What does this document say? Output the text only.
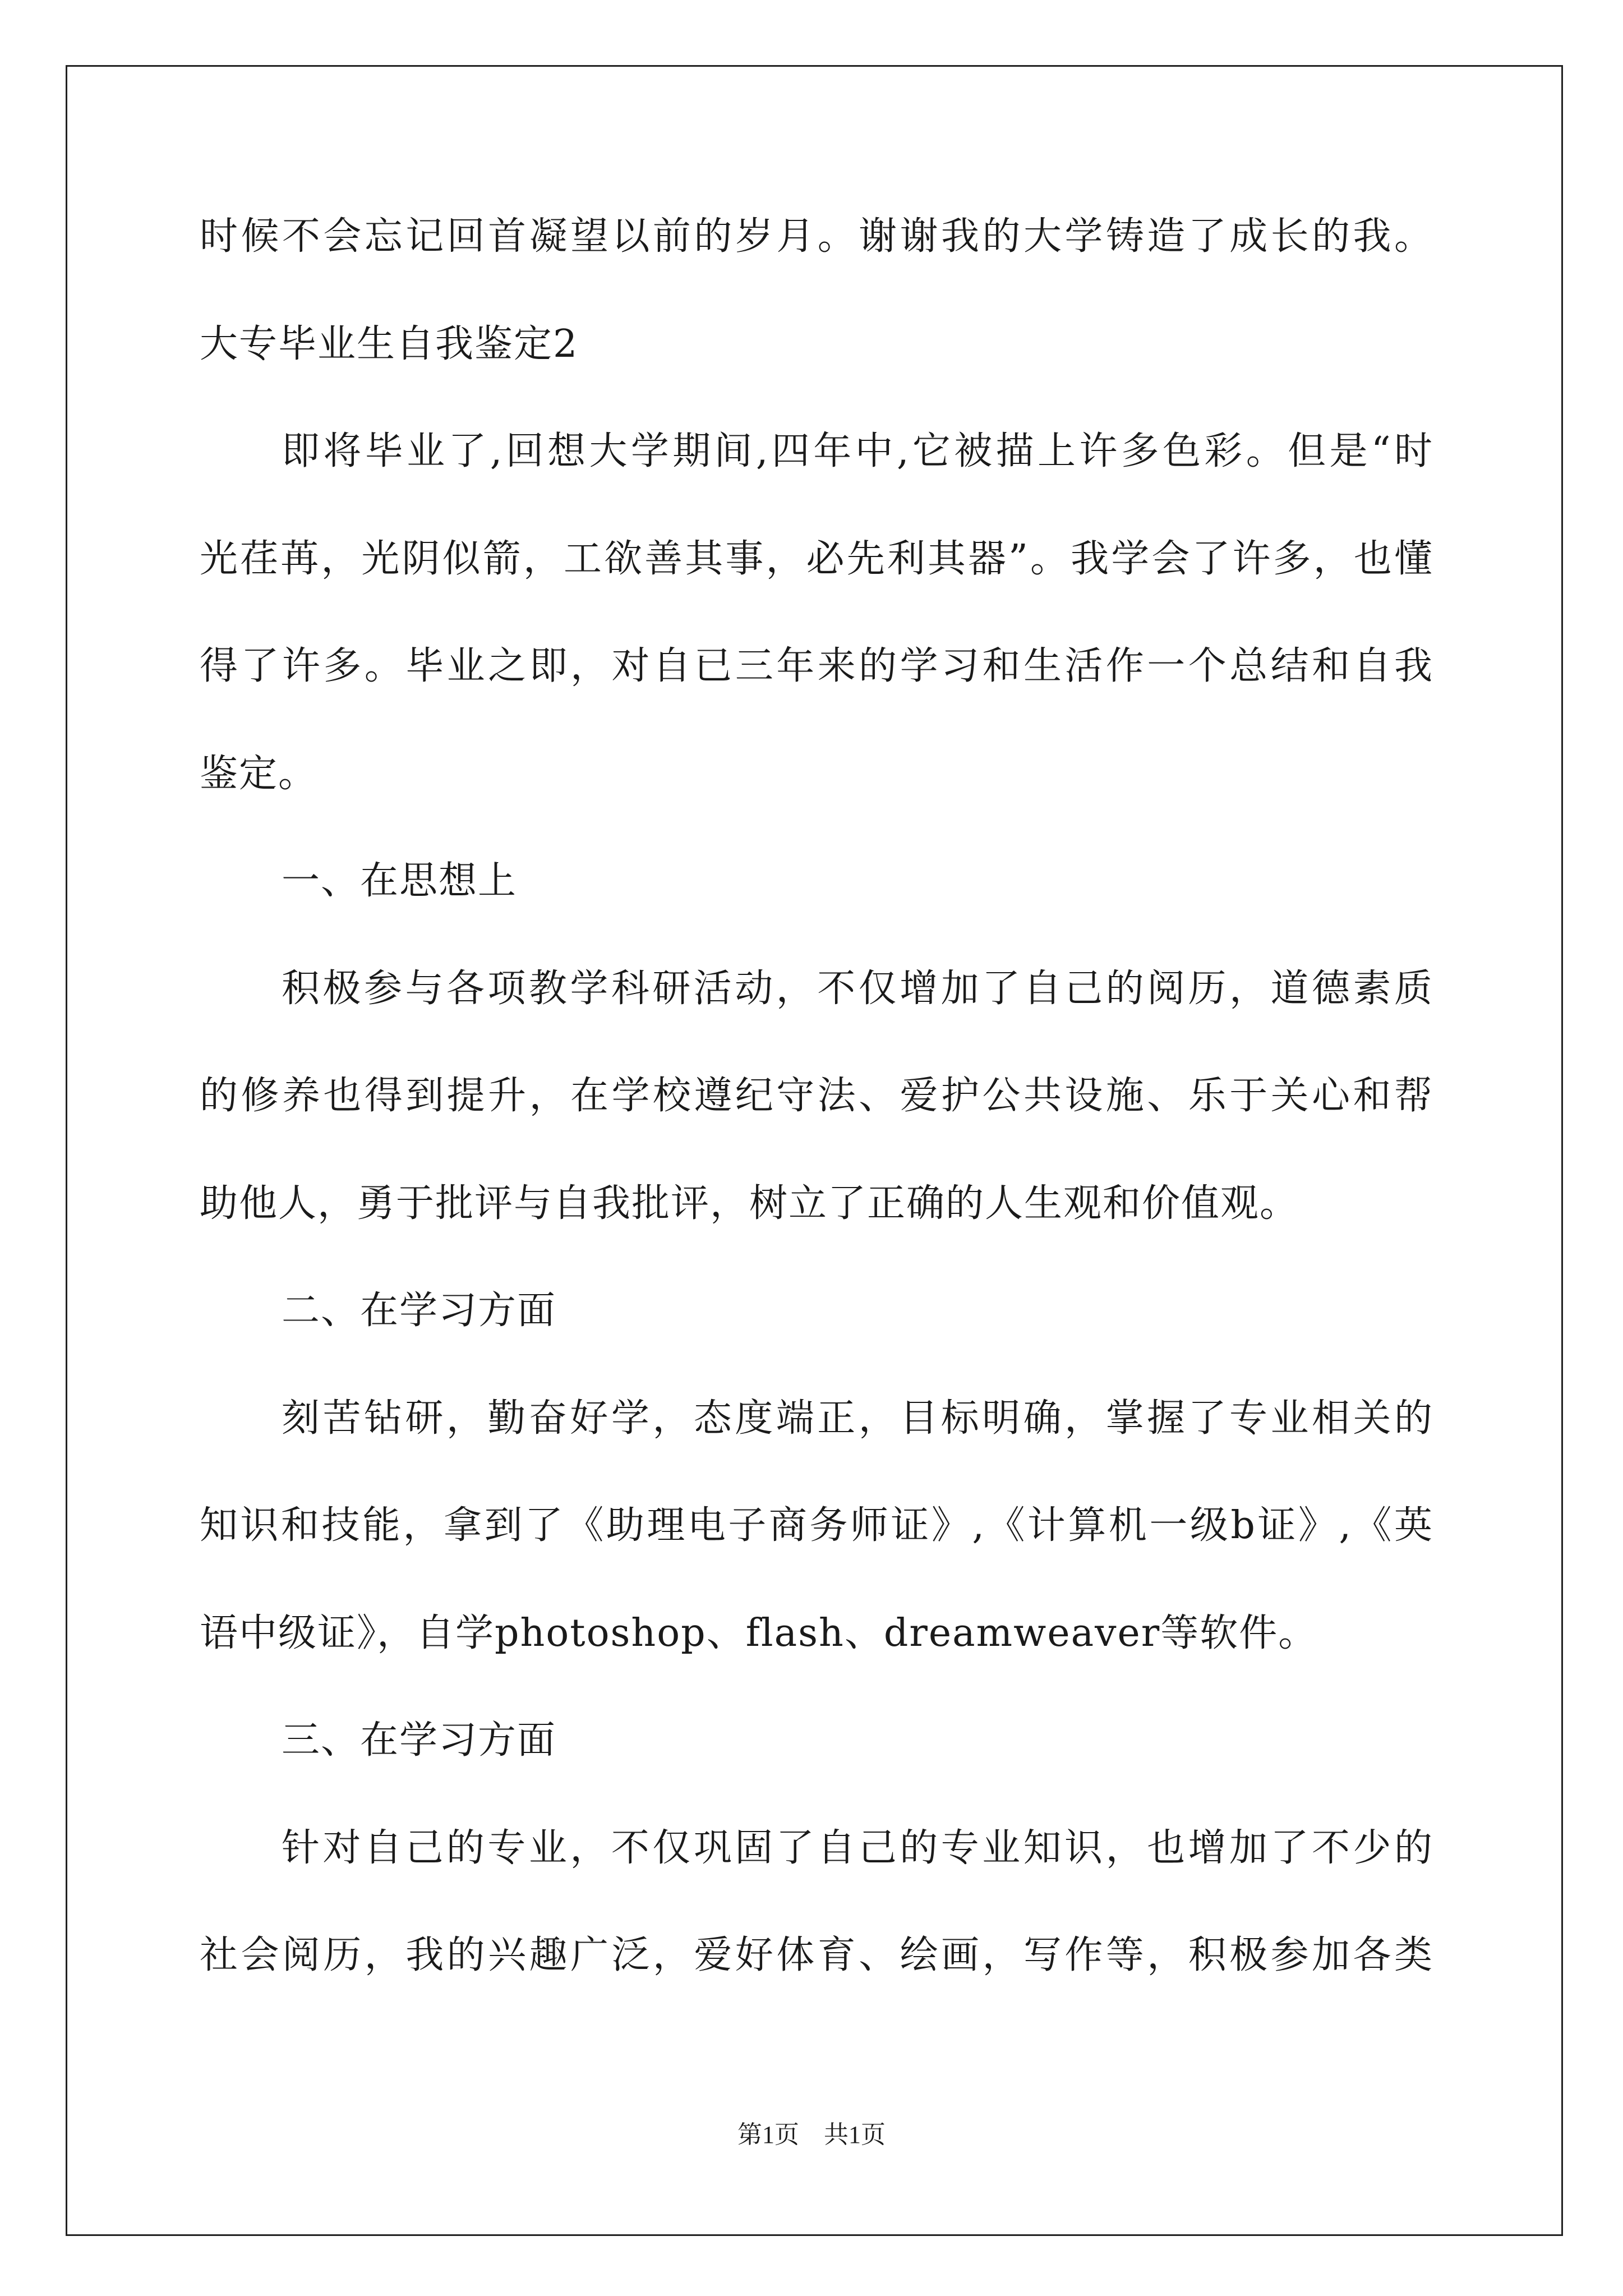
时候不会忘记回首凝望以前的岁月。谢谢我的大学铸造了成长的我。
大专毕业生自我鉴定2
即将毕业了,回想大学期间,四年中,它被描上许多色彩。但是“时
光荏苒，光阴似箭，工欲善其事，必先利其器”。我学会了许多，也懂
得了许多。毕业之即，对自已三年来的学习和生活作一个总结和自我
鉴定。
一、在思想上
积极参与各项教学科研活动，不仅增加了自己的阅历，道德素质
的修养也得到提升，在学校遵纪守法、爱护公共设施、乐于关心和帮
助他人，勇于批评与自我批评，树立了正确的人生观和价值观。
二、在学习方面
刻苦钻研，勤奋好学，态度端正，目标明确，掌握了专业相关的
知识和技能，拿到了《助理电子商务师证》,《计算机一级b证》,《英
语中级证》，自学photoshop、flash、dreamweaver等软件。
三、在学习方面
针对自己的专业，不仅巩固了自己的专业知识，也增加了不少的
社会阅历，我的兴趣广泛，爱好体育、绘画，写作等，积极参加各类
第1页 共1页
